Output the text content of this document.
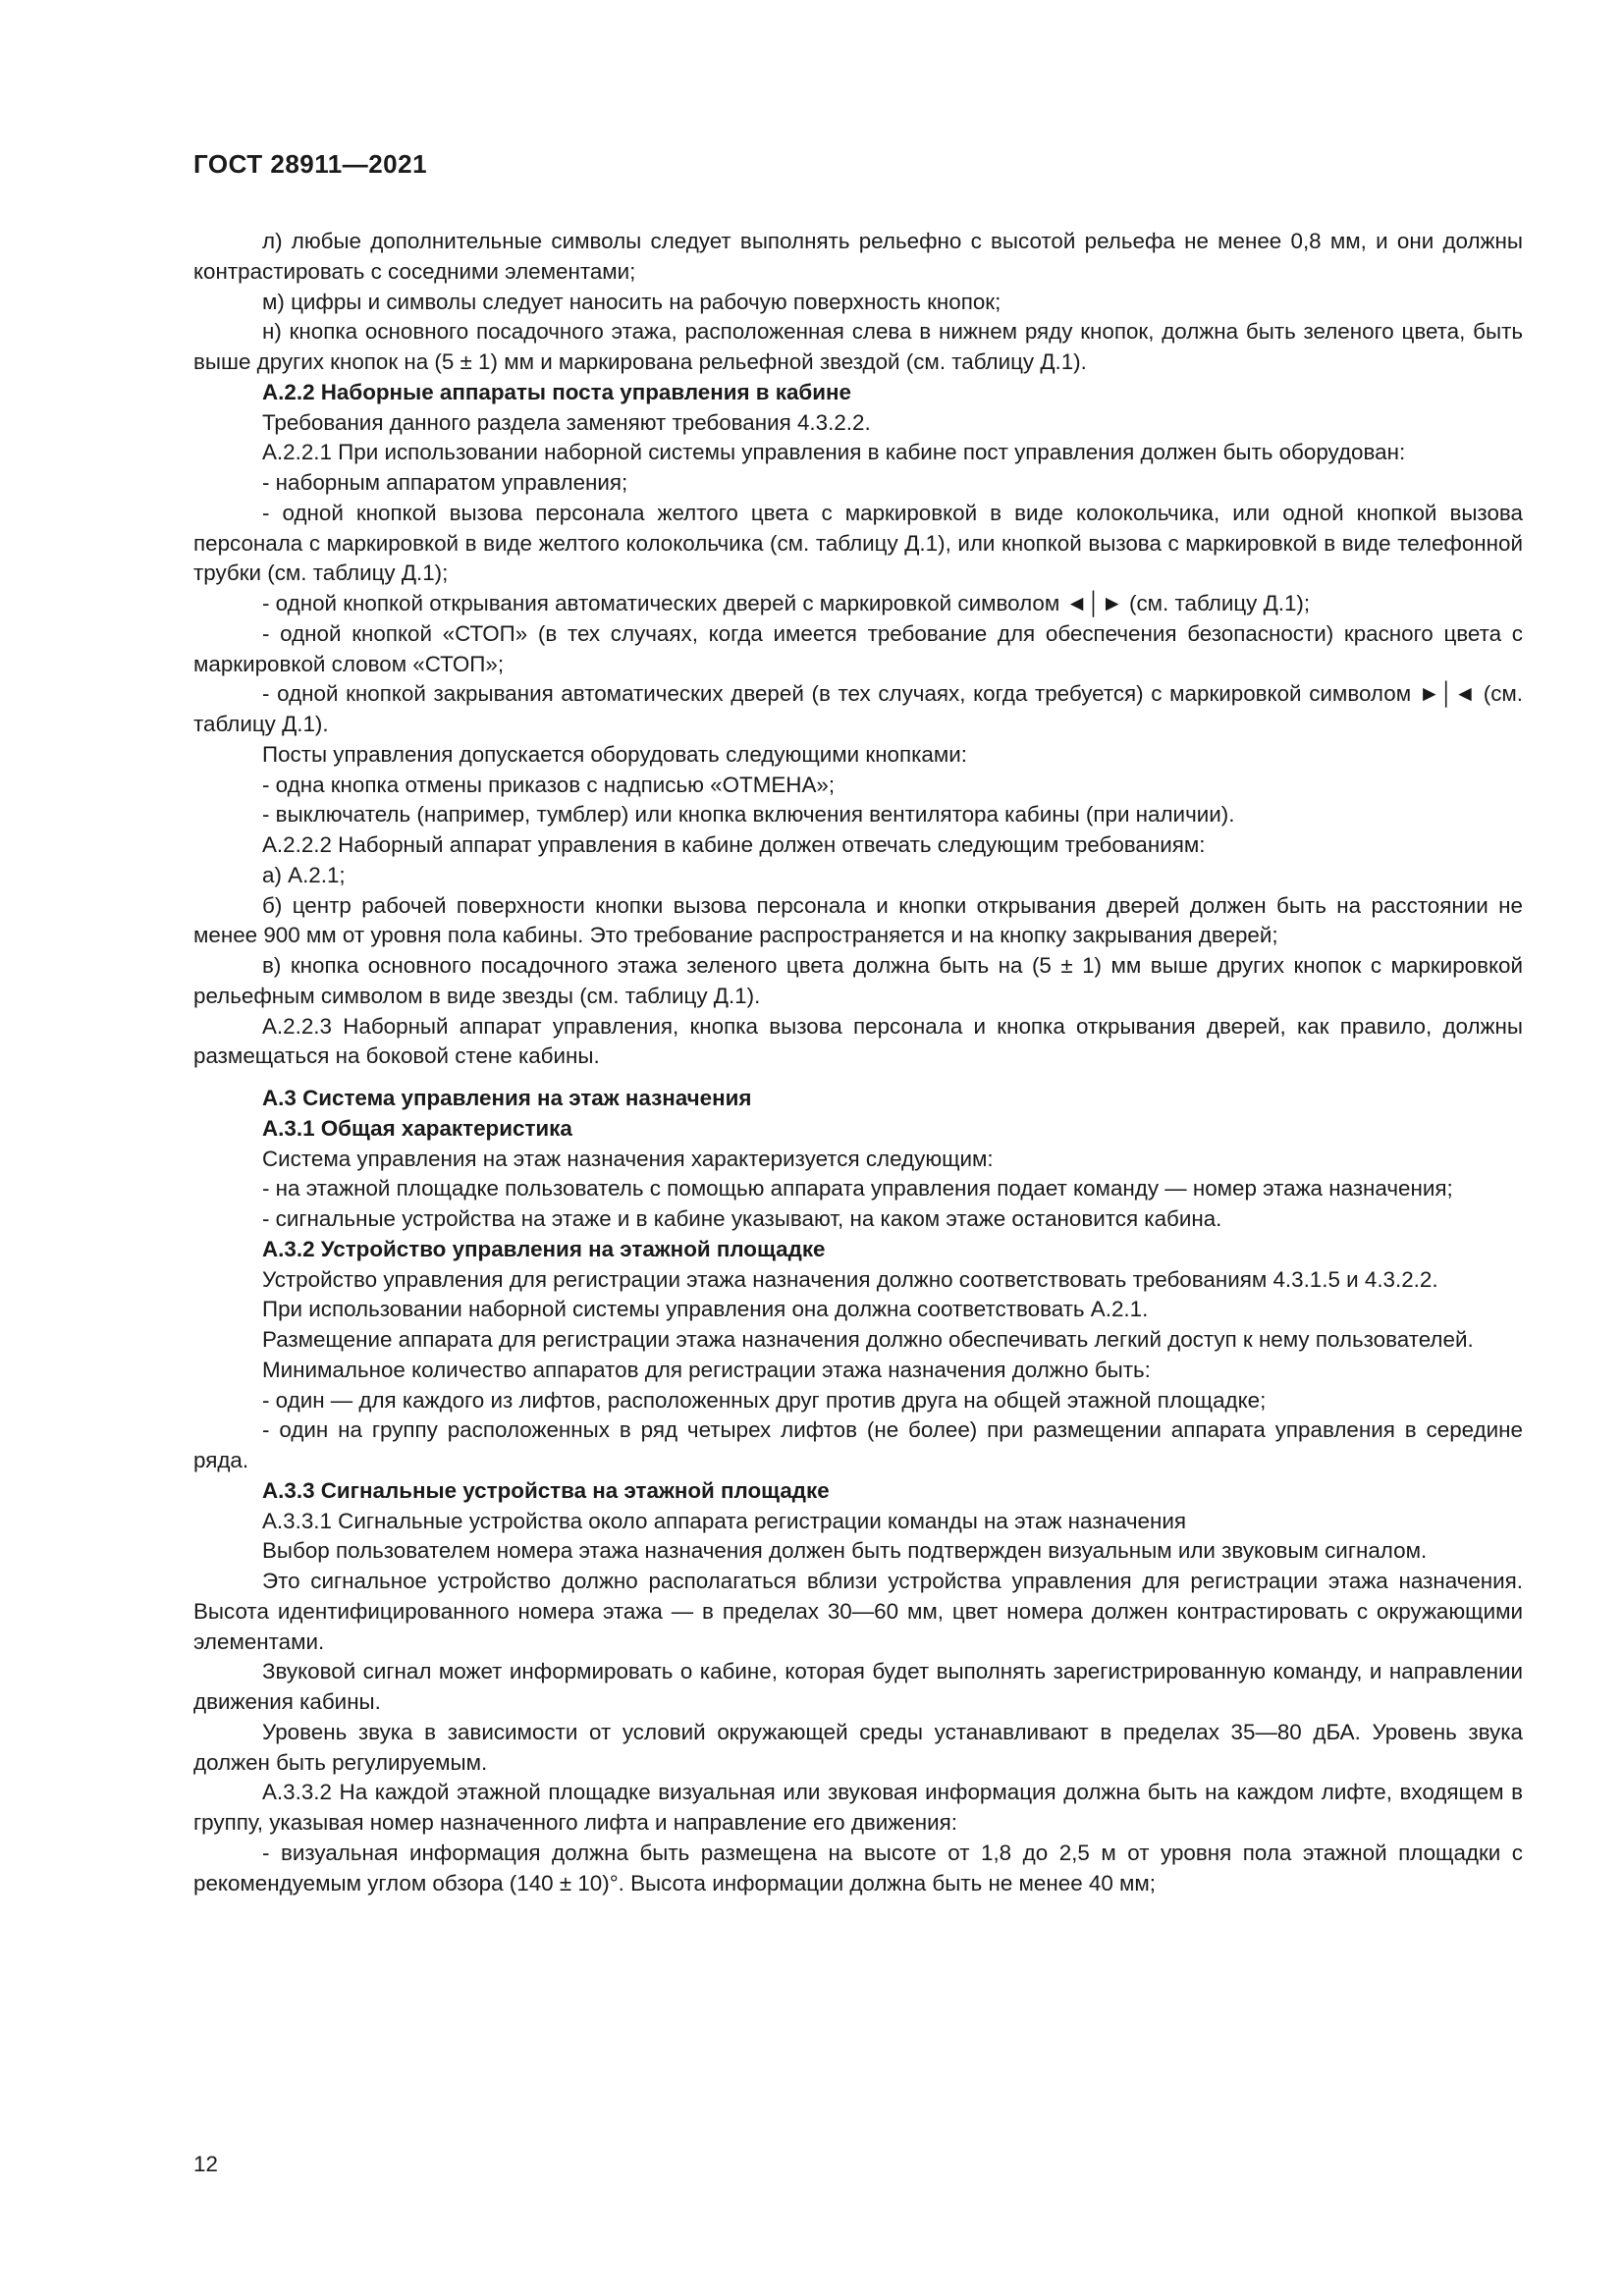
ГОСТ 28911—2021

л) любые дополнительные символы следует выполнять рельефно с высотой рельефа не менее 0,8 мм, и они должны контрастировать с соседними элементами;

м) цифры и символы следует наносить на рабочую поверхность кнопок;

н) кнопка основного посадочного этажа, расположенная слева в нижнем ряду кнопок, должна быть зеленого цвета, быть выше других кнопок на (5 ± 1) мм и маркирована рельефной звездой (см. таблицу Д.1).

А.2.2 Наборные аппараты поста управления в кабине

Требования данного раздела заменяют требования 4.3.2.2.

А.2.2.1 При использовании наборной системы управления в кабине пост управления должен быть оборудован:

- наборным аппаратом управления;

- одной кнопкой вызова персонала желтого цвета с маркировкой в виде колокольчика, или одной кнопкой вызова персонала с маркировкой в виде желтого колокольчика (см. таблицу Д.1), или кнопкой вызова с маркировкой в виде телефонной трубки (см. таблицу Д.1);

- одной кнопкой открывания автоматических дверей с маркировкой символом ◄│► (см. таблицу Д.1);

- одной кнопкой «СТОП» (в тех случаях, когда имеется требование для обеспечения безопасности) красного цвета с маркировкой словом «СТОП»;

- одной кнопкой закрывания автоматических дверей (в тех случаях, когда требуется) с маркировкой символом ►│◄ (см. таблицу Д.1).

Посты управления допускается оборудовать следующими кнопками:

- одна кнопка отмены приказов с надписью «ОТМЕНА»;

- выключатель (например, тумблер) или кнопка включения вентилятора кабины (при наличии).

А.2.2.2 Наборный аппарат управления в кабине должен отвечать следующим требованиям:

а) А.2.1;

б) центр рабочей поверхности кнопки вызова персонала и кнопки открывания дверей должен быть на расстоянии не менее 900 мм от уровня пола кабины. Это требование распространяется и на кнопку закрывания дверей;

в) кнопка основного посадочного этажа зеленого цвета должна быть на (5 ± 1) мм выше других кнопок с маркировкой рельефным символом в виде звезды (см. таблицу Д.1).

А.2.2.3 Наборный аппарат управления, кнопка вызова персонала и кнопка открывания дверей, как правило, должны размещаться на боковой стене кабины.

А.3 Система управления на этаж назначения

А.3.1 Общая характеристика

Система управления на этаж назначения характеризуется следующим:

- на этажной площадке пользователь с помощью аппарата управления подает команду — номер этажа назначения;

- сигнальные устройства на этаже и в кабине указывают, на каком этаже остановится кабина.

А.3.2 Устройство управления на этажной площадке

Устройство управления для регистрации этажа назначения должно соответствовать требованиям 4.3.1.5 и 4.3.2.2.

При использовании наборной системы управления она должна соответствовать А.2.1.

Размещение аппарата для регистрации этажа назначения должно обеспечивать легкий доступ к нему пользователей.

Минимальное количество аппаратов для регистрации этажа назначения должно быть:

- один — для каждого из лифтов, расположенных друг против друга на общей этажной площадке;

- один на группу расположенных в ряд четырех лифтов (не более) при размещении аппарата управления в середине ряда.

А.3.3 Сигнальные устройства на этажной площадке

А.3.3.1 Сигнальные устройства около аппарата регистрации команды на этаж назначения

Выбор пользователем номера этажа назначения должен быть подтвержден визуальным или звуковым сигналом.

Это сигнальное устройство должно располагаться вблизи устройства управления для регистрации этажа назначения. Высота идентифицированного номера этажа — в пределах 30—60 мм, цвет номера должен контрастировать с окружающими элементами.

Звуковой сигнал может информировать о кабине, которая будет выполнять зарегистрированную команду, и направлении движения кабины.

Уровень звука в зависимости от условий окружающей среды устанавливают в пределах 35—80 дБА. Уровень звука должен быть регулируемым.

А.3.3.2 На каждой этажной площадке визуальная или звуковая информация должна быть на каждом лифте, входящем в группу, указывая номер назначенного лифта и направление его движения:

- визуальная информация должна быть размещена на высоте от 1,8 до 2,5 м от уровня пола этажной площадки с рекомендуемым углом обзора (140 ± 10)°. Высота информации должна быть не менее 40 мм;

12
